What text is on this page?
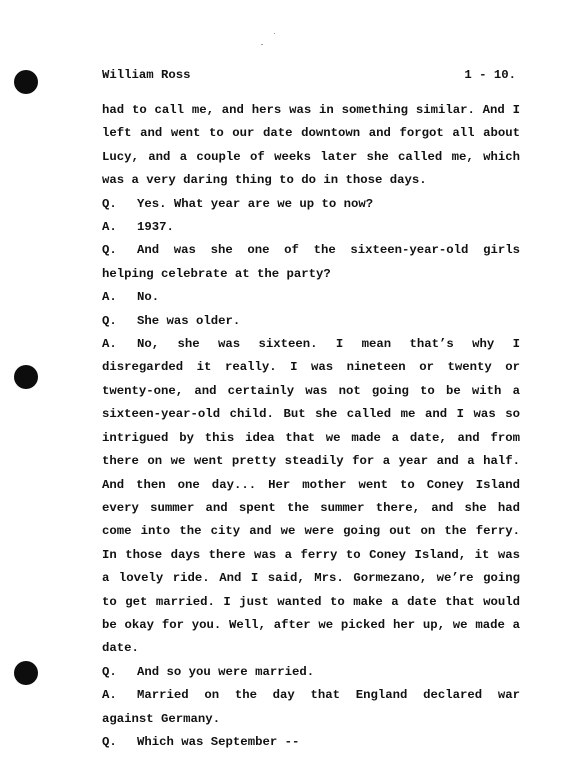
William Ross	1 - 10.

had to call me, and hers was in something similar. And I left and went to our date downtown and forgot all about Lucy, and a couple of weeks later she called me, which was a very daring thing to do in those days.

Q. Yes. What year are we up to now?

A. 1937.

Q. And was she one of the sixteen-year-old girls helping celebrate at the party?

A. No.

Q. She was older.

A. No, she was sixteen. I mean that’s why I disregarded it really. I was nineteen or twenty or twenty-one, and certainly was not going to be with a sixteen-year-old child. But she called me and I was so intrigued by this idea that we made a date, and from there on we went pretty steadily for a year and a half. And then one day... Her mother went to Coney Island every summer and spent the summer there, and she had come into the city and we were going out on the ferry. In those days there was a ferry to Coney Island, it was a lovely ride. And I said, Mrs. Gormezano, we’re going to get married. I just wanted to make a date that would be okay for you. Well, after we picked her up, we made a date.

Q. And so you were married.

A. Married on the day that England declared war against Germany.

Q. Which was September --
